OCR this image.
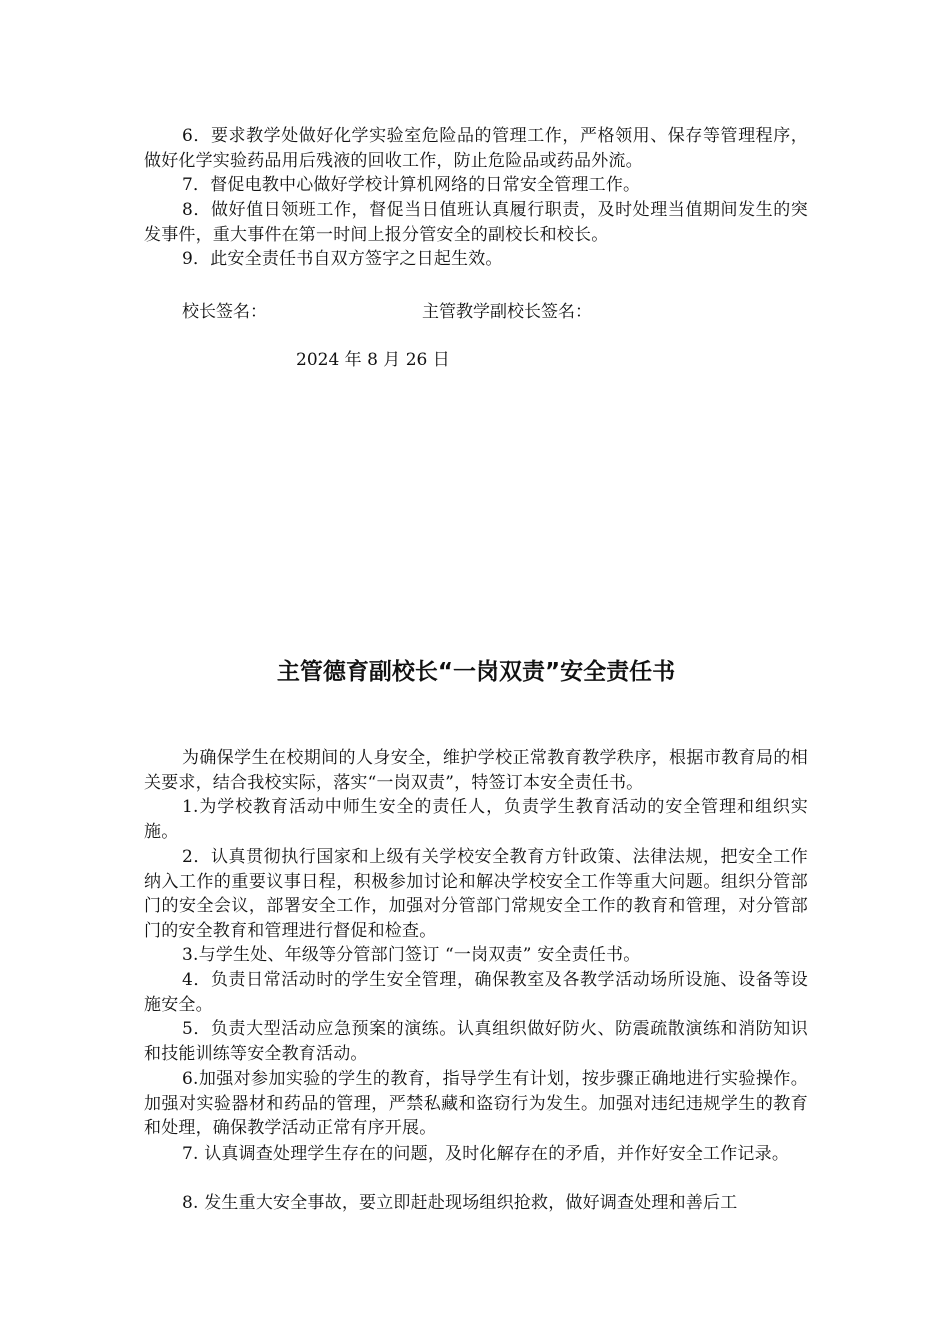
6．要求教学处做好化学实验室危险品的管理工作，严格领用、保存等管理程序，做好化学实验药品用后残液的回收工作，防止危险品或药品外流。

7．督促电教中心做好学校计算机网络的日常安全管理工作。

8．做好值日领班工作，督促当日值班认真履行职责，及时处理当值期间发生的突发事件，重大事件在第一时间上报分管安全的副校长和校长。

9．此安全责任书自双方签字之日起生效。

校长签名：	主管教学副校长签名：

2024 年 8 月 26 日

主管德育副校长“一岗双责”安全责任书

为确保学生在校期间的人身安全，维护学校正常教育教学秩序，根据市教育局的相关要求，结合我校实际，落实“一岗双责”，特签订本安全责任书。

1.为学校教育活动中师生安全的责任人，负责学生教育活动的安全管理和组织实施。

2．认真贯彻执行国家和上级有关学校安全教育方针政策、法律法规，把安全工作纳入工作的重要议事日程，积极参加讨论和解决学校安全工作等重大问题。组织分管部门的安全会议，部署安全工作，加强对分管部门常规安全工作的教育和管理，对分管部门的安全教育和管理进行督促和检查。

3.与学生处、年级等分管部门签订 “一岗双责” 安全责任书。

4．负责日常活动时的学生安全管理，确保教室及各教学活动场所设施、设备等设施安全。

5．负责大型活动应急预案的演练。认真组织做好防火、防震疏散演练和消防知识和技能训练等安全教育活动。

6.加强对参加实验的学生的教育，指导学生有计划，按步骤正确地进行实验操作。加强对实验器材和药品的管理，严禁私藏和盗窃行为发生。加强对违纪违规学生的教育和处理，确保教学活动正常有序开展。

7. 认真调查处理学生存在的问题，及时化解存在的矛盾，并作好安全工作记录。

8. 发生重大安全事故，要立即赶赴现场组织抢救，做好调查处理和善后工
